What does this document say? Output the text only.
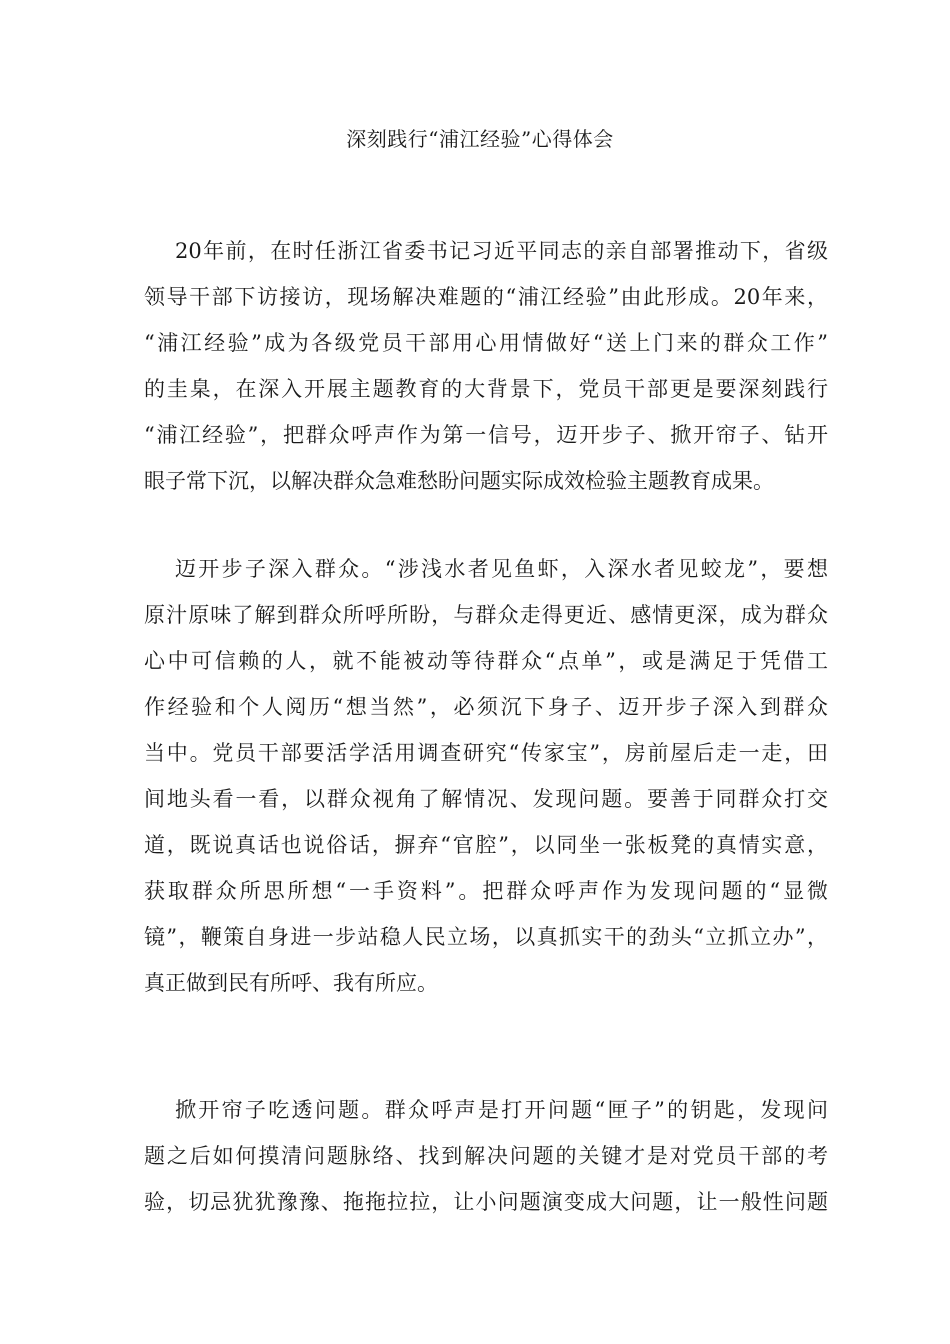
深刻践行“浦江经验”心得体会
20年前，在时任浙江省委书记习近平同志的亲自部署推动下，省级
领导干部下访接访，现场解决难题的“浦江经验”由此形成。20年来，
“浦江经验”成为各级党员干部用心用情做好“送上门来的群众工作”
的圭臬，在深入开展主题教育的大背景下，党员干部更是要深刻践行
“浦江经验”，把群众呼声作为第一信号，迈开步子、掀开帘子、钻开
眼子常下沉，以解决群众急难愁盼问题实际成效检验主题教育成果。
迈开步子深入群众。“涉浅水者见鱼虾，入深水者见蛟龙”，要想
原汁原味了解到群众所呼所盼，与群众走得更近、感情更深，成为群众
心中可信赖的人，就不能被动等待群众“点单”，或是满足于凭借工
作经验和个人阅历“想当然”，必须沉下身子、迈开步子深入到群众
当中。党员干部要活学活用调查研究“传家宝”，房前屋后走一走，田
间地头看一看，以群众视角了解情况、发现问题。要善于同群众打交
道，既说真话也说俗话，摒弃“官腔”，以同坐一张板凳的真情实意，
获取群众所思所想“一手资料”。把群众呼声作为发现问题的“显微
镜”，鞭策自身进一步站稳人民立场，以真抓实干的劲头“立抓立办”，
真正做到民有所呼、我有所应。
掀开帘子吃透问题。群众呼声是打开问题“匣子”的钥匙，发现问
题之后如何摸清问题脉络、找到解决问题的关键才是对党员干部的考
验，切忌犹犹豫豫、拖拖拉拉，让小问题演变成大问题，让一般性问题
